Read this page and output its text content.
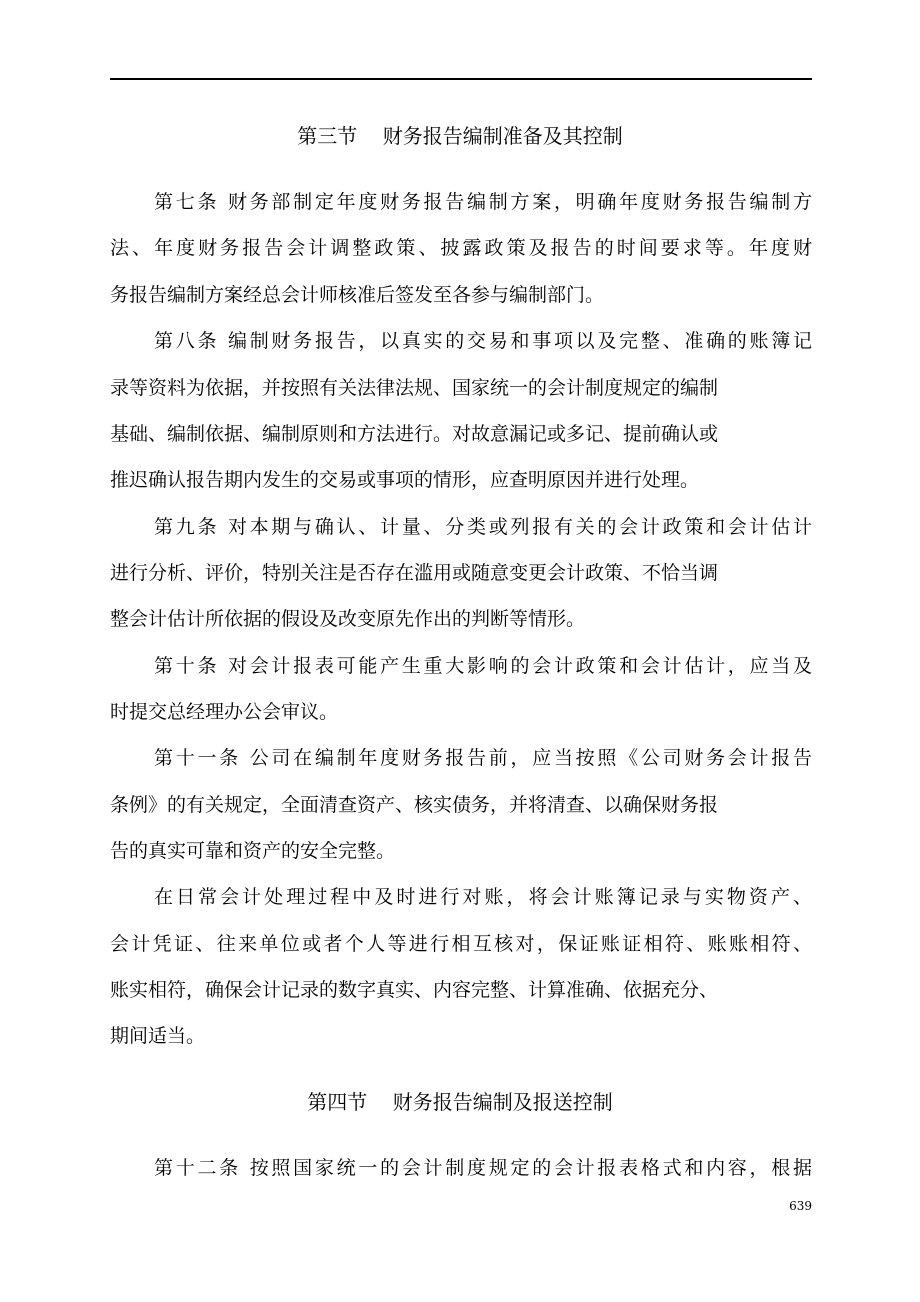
第三节    财务报告编制准备及其控制
第七条 财务部制定年度财务报告编制方案，明确年度财务报告编制方
法、年度财务报告会计调整政策、披露政策及报告的时间要求等。年度财
务报告编制方案经总会计师核准后签发至各参与编制部门。
第八条 编制财务报告，以真实的交易和事项以及完整、准确的账簿记
录等资料为依据，并按照有关法律法规、国家统一的会计制度规定的编制
基础、编制依据、编制原则和方法进行。对故意漏记或多记、提前确认或
推迟确认报告期内发生的交易或事项的情形，应查明原因并进行处理。
第九条 对本期与确认、计量、分类或列报有关的会计政策和会计估计
进行分析、评价，特别关注是否存在滥用或随意变更会计政策、不恰当调
整会计估计所依据的假设及改变原先作出的判断等情形。
第十条 对会计报表可能产生重大影响的会计政策和会计估计，应当及
时提交总经理办公会审议。
第十一条 公司在编制年度财务报告前，应当按照《公司财务会计报告
条例》的有关规定，全面清查资产、核实债务，并将清查、以确保财务报
告的真实可靠和资产的安全完整。
在日常会计处理过程中及时进行对账，将会计账簿记录与实物资产、
会计凭证、往来单位或者个人等进行相互核对，保证账证相符、账账相符、
账实相符，确保会计记录的数字真实、内容完整、计算准确、依据充分、
期间适当。
第四节    财务报告编制及报送控制
第十二条 按照国家统一的会计制度规定的会计报表格式和内容，根据
639
